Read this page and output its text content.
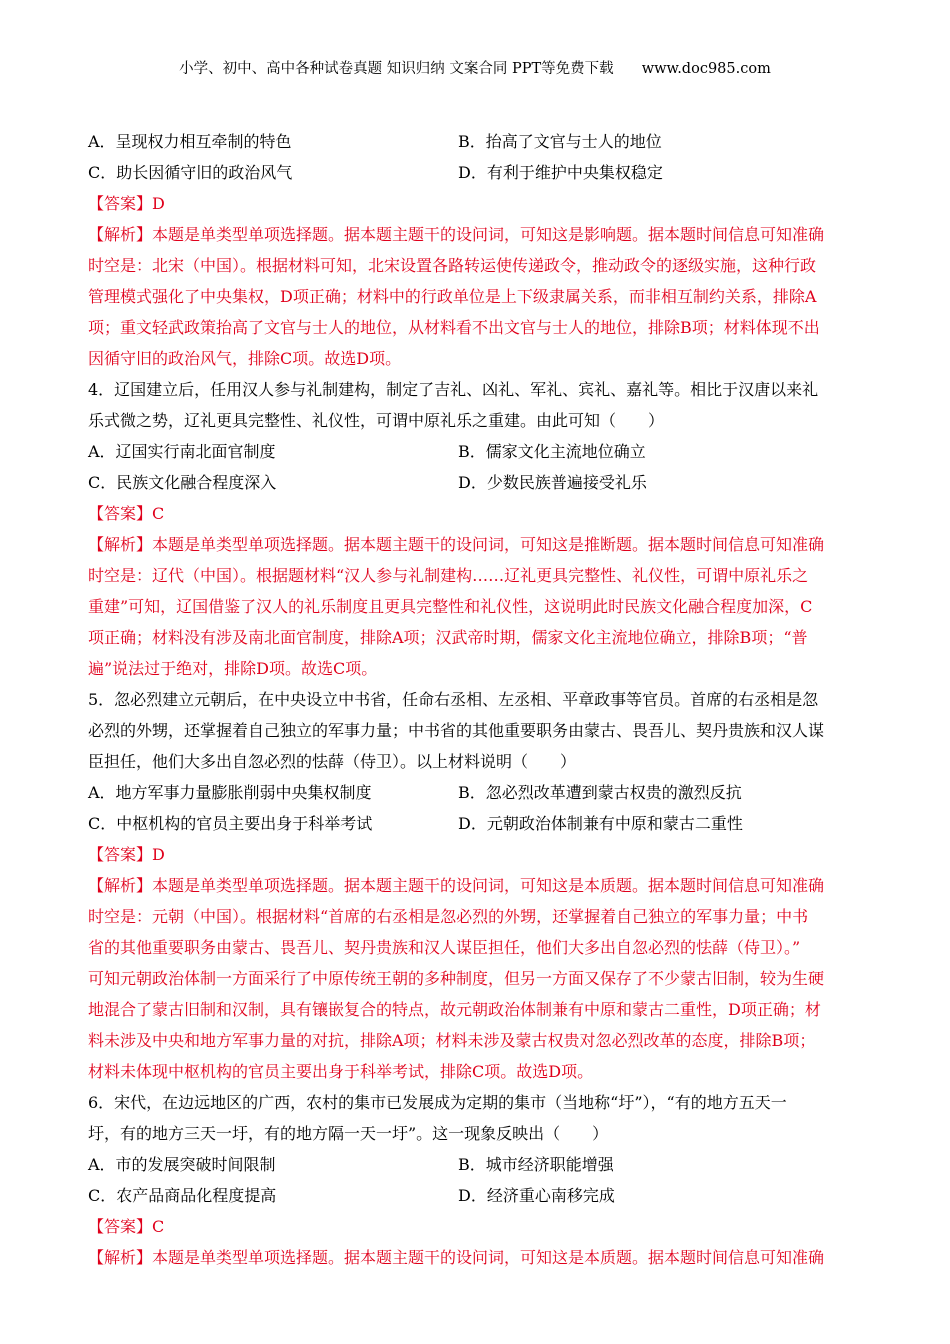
小学、初中、高中各种试卷真题 知识归纳 文案合同 PPT等免费下载 www.doc985.com
A．呈现权力相互牵制的特色	B．抬高了文官与士人的地位
C．助长因循守旧的政治风气	D．有利于维护中央集权稳定
【答案】D
【解析】本题是单类型单项选择题。据本题主题干的设问词，可知这是影响题。据本题时间信息可知准确
时空是：北宋（中国）。根据材料可知，北宋设置各路转运使传递政令，推动政令的逐级实施，这种行政
管理模式强化了中央集权，D项正确；材料中的行政单位是上下级隶属关系，而非相互制约关系，排除A
项；重文轻武政策抬高了文官与士人的地位，从材料看不出文官与士人的地位，排除B项；材料体现不出
因循守旧的政治风气，排除C项。故选D项。
4．辽国建立后，任用汉人参与礼制建构，制定了吉礼、凶礼、军礼、宾礼、嘉礼等。相比于汉唐以来礼
乐式微之势，辽礼更具完整性、礼仪性，可谓中原礼乐之重建。由此可知（　　）
A．辽国实行南北面官制度	B．儒家文化主流地位确立
C．民族文化融合程度深入	D．少数民族普遍接受礼乐
【答案】C
【解析】本题是单类型单项选择题。据本题主题干的设问词，可知这是推断题。据本题时间信息可知准确
时空是：辽代（中国）。根据题材料“汉人参与礼制建构……辽礼更具完整性、礼仪性，可谓中原礼乐之
重建”可知，辽国借鉴了汉人的礼乐制度且更具完整性和礼仪性，这说明此时民族文化融合程度加深，C
项正确；材料没有涉及南北面官制度，排除A项；汉武帝时期，儒家文化主流地位确立，排除B项；“普
遍”说法过于绝对，排除D项。故选C项。
5．忽必烈建立元朝后，在中央设立中书省，任命右丞相、左丞相、平章政事等官员。首席的右丞相是忽
必烈的外甥，还掌握着自己独立的军事力量；中书省的其他重要职务由蒙古、畏吾儿、契丹贵族和汉人谋
臣担任，他们大多出自忽必烈的怯薛（侍卫）。以上材料说明（　　）
A．地方军事力量膨胀削弱中央集权制度	B．忽必烈改革遭到蒙古权贵的激烈反抗
C．中枢机构的官员主要出身于科举考试	D．元朝政治体制兼有中原和蒙古二重性
【答案】D
【解析】本题是单类型单项选择题。据本题主题干的设问词，可知这是本质题。据本题时间信息可知准确
时空是：元朝（中国）。根据材料“首席的右丞相是忽必烈的外甥，还掌握着自己独立的军事力量；中书
省的其他重要职务由蒙古、畏吾儿、契丹贵族和汉人谋臣担任，他们大多出自忽必烈的怯薛（侍卫）。”
可知元朝政治体制一方面采行了中原传统王朝的多种制度，但另一方面又保存了不少蒙古旧制，较为生硬
地混合了蒙古旧制和汉制，具有镶嵌复合的特点，故元朝政治体制兼有中原和蒙古二重性，D项正确；材
料未涉及中央和地方军事力量的对抗，排除A项；材料未涉及蒙古权贵对忽必烈改革的态度，排除B项；
材料未体现中枢机构的官员主要出身于科举考试，排除C项。故选D项。
6．宋代，在边远地区的广西，农村的集市已发展成为定期的集市（当地称“圩”），“有的地方五天一
圩，有的地方三天一圩，有的地方隔一天一圩”。这一现象反映出（　　）
A．市的发展突破时间限制	B．城市经济职能增强
C．农产品商品化程度提高	D．经济重心南移完成
【答案】C
【解析】本题是单类型单项选择题。据本题主题干的设问词，可知这是本质题。据本题时间信息可知准确
